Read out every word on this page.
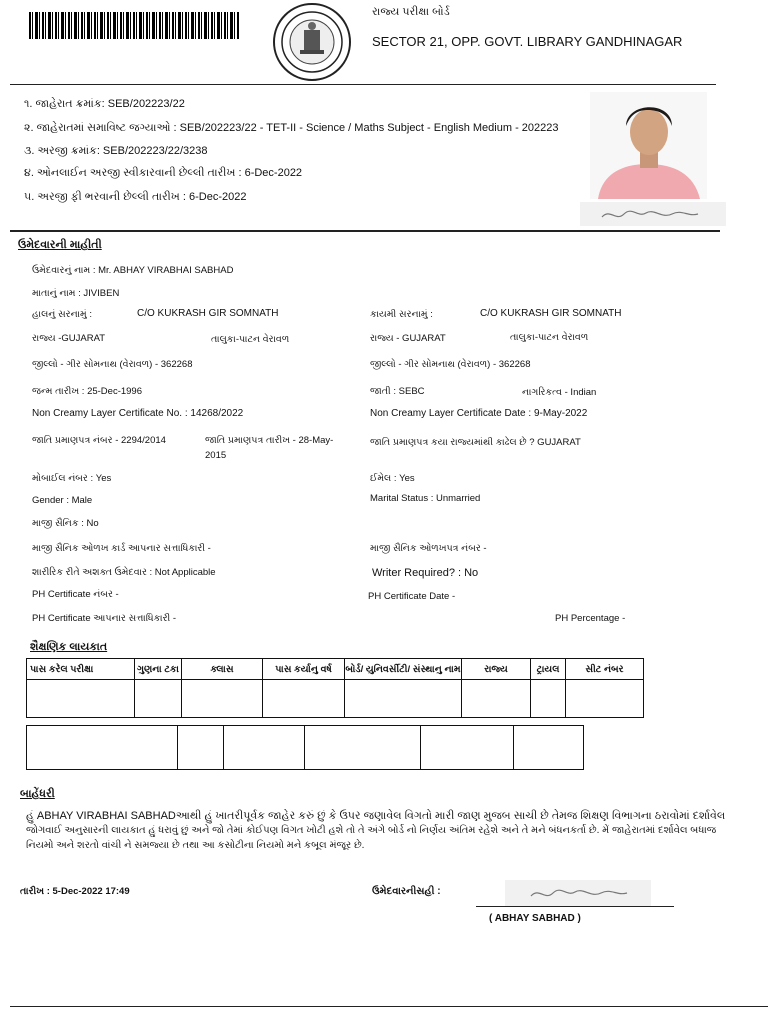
રાજ્ય પરીક્ષા બોર્ડ
SECTOR 21, OPP. GOVT. LIBRARY GANDHINAGAR
૧. જાહેરાત ક્રમાંક: SEB/202223/22
૨. જાહેરાતમાં સમાવિષ્ટ જગ્યાઓ : SEB/202223/22 - TET-II - Science / Maths Subject - English Medium - 202223
૩. અરજી ક્રમાંક: SEB/202223/22/3238
૪. ઓનલાઈન અરજી સ્વીકારવાની છેલ્લી તારીખ : 6-Dec-2022
૫. અરજી ફી ભરવાની છેલ્લી તારીખ : 6-Dec-2022
ઉમેદવારની માહીતી
ઉમેદવારનું નામ : Mr. ABHAY VIRABHAI SABHAD
માતાનું નામ : JIVIBEN
હાલનું સરનામું :	C/O KUKRASH GIR SOMNATH	કાયમી સરનામું :	C/O KUKRASH GIR SOMNATH
રાજ્ય -GUJARAT	તાલુકા-પાટન વેરાવળ	રાજ્ય - GUJARAT	તાલુકા-પાટન વેરાવળ
જીલ્લો - ગીર સોમનાથ (વેરાવળ) - 362268	જીલ્લો - ગીર સોમનાથ (વેરાવળ) - 362268
જન્મ તારીખ : 25-Dec-1996	જાતી : SEBC	નાગરિકત્વ - Indian
Non Creamy Layer Certificate No. : 14268/2022	Non Creamy Layer Certificate Date : 9-May-2022
જાતિ પ્રમાણપત્ર નંબર - 2294/2014	જાતિ પ્રમાણપત્ર તારીખ - 28-May-
2015
જાતિ પ્રમાણપત્ર કયા રાજ્યમાંથી કાઢેલ છે ? GUJARAT
મોબાઈલ નંબર : Yes	ઈમેલ : Yes
Gender : Male	Marital Status : Unmarried
માજી સૈનિક : No
માજી સૈનિક ઓળખ કાર્ડ આપનાર સત્તાધિકારી -	માજી સૈનિક ઓળખપત્ર નંબર -
શારીરિક રીતે અશક્ત ઉમેદવાર : Not Applicable	Writer Required? : No
PH Certificate નંબર -	PH Certificate Date -
PH Certificate આપનાર સત્તાધિકારી -	PH Percentage -
શૈક્ષણિક લાયકાત
પાસ કરેલ પરીક્ષા	ગુણના ટકા	ક્લાસ	પાસ કર્યાનુ વર્ષ	બોર્ડ/ યુનિવર્સીટી/ સંસ્થાનુ નામ	રાજ્ય	ટ્રાયલ	સીટ નંબર

બાહેંધરી
હું ABHAY VIRABHAI SABHADઆથી હું ખાતરીપૂર્વક જાહેર કરું છું કે ઉપર જણાવેલ વિગતો મારી જાણ મુજબ સાચી છે તેમજ શિક્ષણ વિભાગના ઠરાવોમાં દર્શાવેલ
જોગવાઈ અનુસારની લાયકાત હું ધરાવું છું અને જો તેમાં કોઈપણ વિગત ખોટી હશે તો તે અંગે બોર્ડ નો નિર્ણય અંતિમ રહેશે અને તે મને બંધનકર્તા છે. મેં જાહેરાતમાં દર્શાવેલ બધાજ
નિયમો અને શરતો વાંચી ને સમજ્યા છે તથા આ કસોટીના નિયમો મને કબૂલ મંજૂર છે.
તારીખ : 5-Dec-2022 17:49	ઉમેદવારનીસહી :
( ABHAY SABHAD )
